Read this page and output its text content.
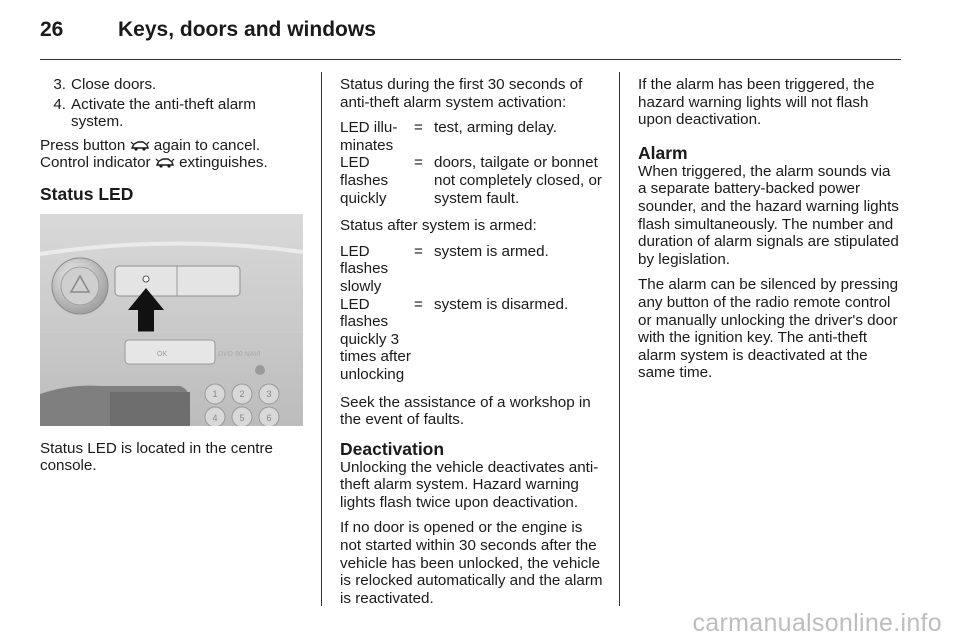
26	Keys, doors and windows
3. Close doors.
4. Activate the anti-theft alarm system.

Press button again to cancel.
Control indicator extinguishes.

Status LED
OK	DVD 90 NAVI
1 2 3
4 5 6

Status LED is located in the centre console.

Status during the first 30 seconds of anti-theft alarm system activation:

LED illu-minates
= test, arming delay.
LED flashes quickly
= doors, tailgate or bonnet not completely closed, or system fault.

Status after system is armed:

LED flashes slowly
= system is armed.
LED flashes quickly 3 times after unlocking
= system is disarmed.

Seek the assistance of a workshop in the event of faults.

Deactivation

Unlocking the vehicle deactivates anti-theft alarm system. Hazard warning lights flash twice upon deactivation.

If no door is opened or the engine is not started within 30 seconds after the vehicle has been unlocked, the vehicle is relocked automatically and the alarm is reactivated.

If the alarm has been triggered, the hazard warning lights will not flash upon deactivation.

Alarm

When triggered, the alarm sounds via a separate battery-backed power sounder, and the hazard warning lights flash simultaneously. The number and duration of alarm signals are stipulated by legislation.

The alarm can be silenced by pressing any button of the radio remote control or manually unlocking the driver's door with the ignition key. The anti-theft alarm system is deactivated at the same time.

carmanualsonline.info
